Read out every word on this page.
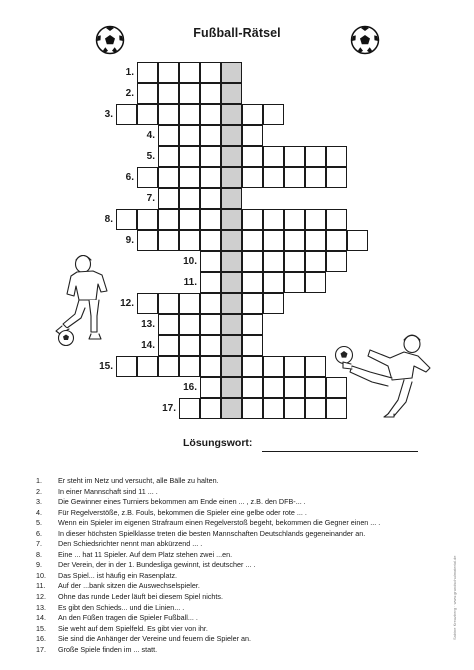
Fußball-Rätsel
1.
2.
3.
4.
5.
6.
7.
8.
9.
10.
11.
12.
13.
14.
15.
16.
17.
Lösungswort:
1. Er steht im Netz und versucht, alle Bälle zu halten.
2. In einer Mannschaft sind 11 ... .
3. Die Gewinner eines Turniers bekommen am Ende einen ... , z.B. den DFB-... .
4. Für Regelverstöße, z.B. Fouls, bekommen die Spieler eine gelbe oder rote ... .
5. Wenn ein Spieler im eigenen Strafraum einen Regelverstoß begeht, bekommen die Gegner einen ... .
6. In dieser höchsten Spielklasse treten die besten Mannschaften Deutschlands gegeneinander an.
7. Den Schiedsrichter nennt man abkürzend ... .
8. Eine ... hat 11 Spieler. Auf dem Platz stehen zwei ...en.
9. Der Verein, der in der 1. Bundesliga gewinnt, ist deutscher ... .
10. Das Spiel... ist häufig ein Rasenplatz.
11. Auf der ...bank sitzen die Auswechselspieler.
12. Ohne das runde Leder läuft bei diesem Spiel nichts.
13. Es gibt den Schieds... und die Linien... .
14. An den Füßen tragen die Spieler Fußball... .
15. Sie weht auf dem Spielfeld. Es gibt vier von ihr.
16. Sie sind die Anhänger der Vereine und feuern die Spieler an.
17. Große Spiele finden im ... statt.
Sabine Kreuzberg · www.grundschulmaterial.de
